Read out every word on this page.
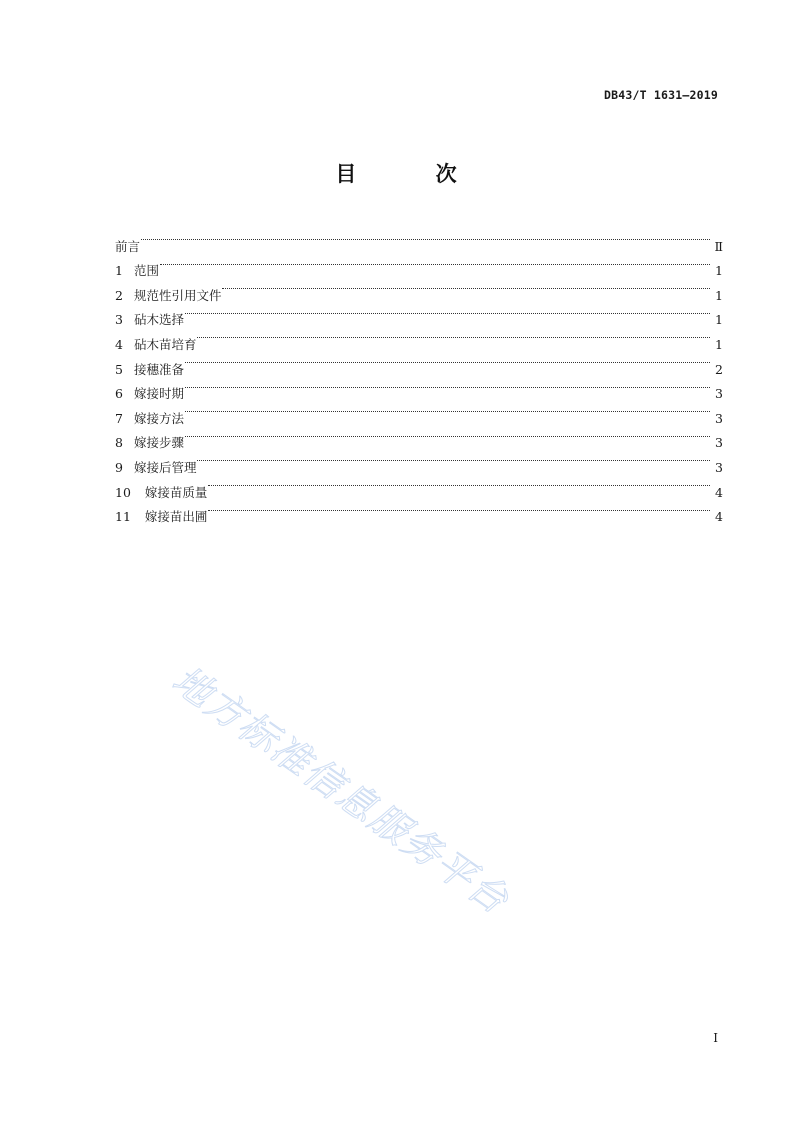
DB43/T 1631—2019
目 次
前言	Ⅱ
1 范围	1
2 规范性引用文件	1
3 砧木选择	1
4 砧木苗培育	1
5 接穗准备	2
6 嫁接时期	3
7 嫁接方法	3
8 嫁接步骤	3
9 嫁接后管理	3
10 嫁接苗质量	4
11 嫁接苗出圃	4
地方标准信息服务平台
I
